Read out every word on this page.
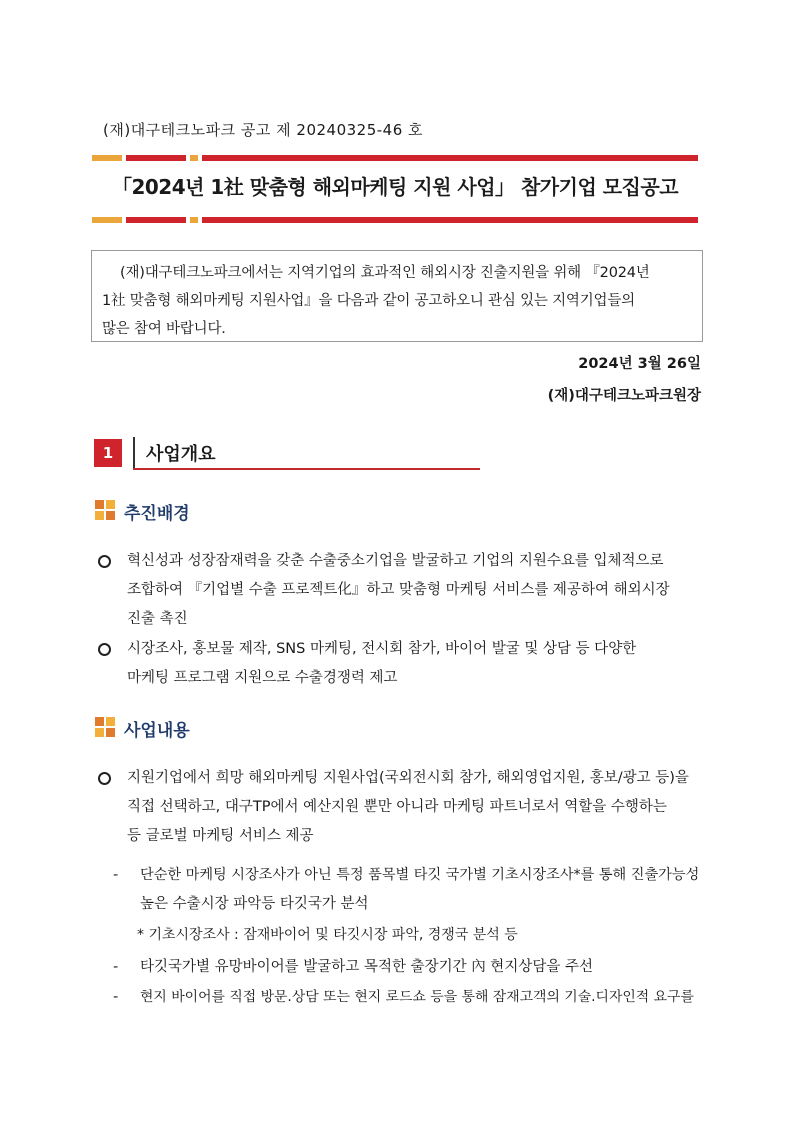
(재)대구테크노파크 공고 제 20240325-46 호
「2024년 1社 맞춤형 해외마케팅 지원 사업」 참가기업 모집공고
(재)대구테크노파크에서는 지역기업의 효과적인 해외시장 진출지원을 위해 『2024년
1社 맞춤형 해외마케팅 지원사업』을 다음과 같이 공고하오니 관심 있는 지역기업들의
많은 참여 바랍니다.
2024년 3월 26일
(재)대구테크노파크원장
1	사업개요
추진배경
혁신성과 성장잠재력을 갖춘 수출중소기업을 발굴하고 기업의 지원수요를 입체적으로
조합하여 『기업별 수출 프로젝트化』하고 맞춤형 마케팅 서비스를 제공하여 해외시장
진출 촉진
시장조사, 홍보물 제작, SNS 마케팅, 전시회 참가, 바이어 발굴 및 상담 등 다양한
마케팅 프로그램 지원으로 수출경쟁력 제고
사업내용
지원기업에서 희망 해외마케팅 지원사업(국외전시회 참가, 해외영업지원, 홍보/광고 등)을
직접 선택하고, 대구TP에서 예산지원 뿐만 아니라 마케팅 파트너로서 역할을 수행하는
등 글로벌 마케팅 서비스 제공
- 단순한 마케팅 시장조사가 아닌 특정 품목별 타깃 국가별 기초시장조사*를 통해 진출가능성
높은 수출시장 파악등 타깃국가 분석
* 기초시장조사 : 잠재바이어 및 타깃시장 파악, 경쟁국 분석 등
- 타깃국가별 유망바이어를 발굴하고 목적한 출장기간 內 현지상담을 주선
- 현지 바이어를 직접 방문.상담 또는 현지 로드쇼 등을 통해 잠재고객의 기술.디자인적 요구를
